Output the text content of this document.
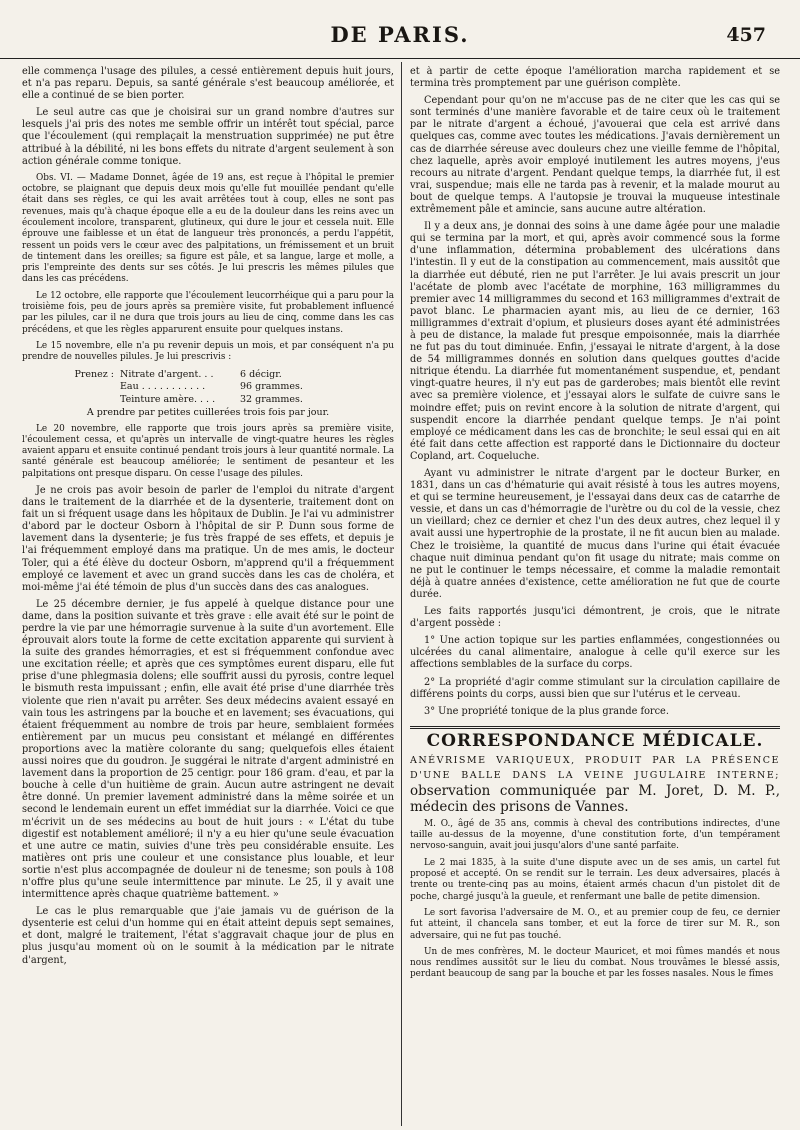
DE PARIS.	457

elle commença l'usage des pilules, a cessé entièrement depuis huit jours, et n'a pas reparu. Depuis, sa santé générale s'est beaucoup améliorée, et elle a continué de se bien porter.

Le seul autre cas que je choisirai sur un grand nombre d'autres sur lesquels j'ai pris des notes me semble offrir un intérêt tout spécial, parce que l'écoulement (qui remplaçait la menstruation supprimée) ne put être attribué à la débilité, ni les bons effets du nitrate d'argent seulement à son action générale comme tonique.

Obs. VI. — Madame Donnet, âgée de 19 ans, est reçue à l'hôpital le premier octobre, se plaignant que depuis deux mois qu'elle fut mouillée pendant qu'elle était dans ses règles, ce qui les avait arrêtées tout à coup, elles ne sont pas revenues, mais qu'à chaque époque elle a eu de la douleur dans les reins avec un écoulement incolore, transparent, glutineux, qui dure le jour et cessela nuit. Elle éprouve une faiblesse et un état de langueur très prononcés, a perdu l'appétit, ressent un poids vers le cœur avec des palpitations, un frémissement et un bruit de tintement dans les oreilles; sa figure est pâle, et sa langue, large et molle, a pris l'empreinte des dents sur ses côtés. Je lui prescris les mêmes pilules que dans les cas précédens.

Le 12 octobre, elle rapporte que l'écoulement leucorrhéique qui a paru pour la troisième fois, peu de jours après sa première visite, fut probablement influencé par les pilules, car il ne dura que trois jours au lieu de cinq, comme dans les cas précédens, et que les règles apparurent ensuite pour quelques instans.

Le 15 novembre, elle n'a pu revenir depuis un mois, et par conséquent n'a pu prendre de nouvelles pilules. Je lui prescrivis :

Prenez : Nitrate d'argent. . .	6 décigr.
Eau . . . . . . . . . . .	96 grammes.
Teinture amère. . . .	32 grammes.
A prendre par petites cuillerées trois fois par jour.

Le 20 novembre, elle rapporte que trois jours après sa première visite, l'écoulement cessa, et qu'après un intervalle de vingt-quatre heures les règles avaient apparu et ensuite continué pendant trois jours à leur quantité normale. La santé générale est beaucoup améliorée; le sentiment de pesanteur et les palpitations ont presque disparu. On cesse l'usage des pilules.

Je ne crois pas avoir besoin de parler de l'emploi du nitrate d'argent dans le traitement de la diarrhée et de la dysenterie, traitement dont on fait un si fréquent usage dans les hôpitaux de Dublin. Je l'ai vu administrer d'abord par le docteur Osborn à l'hôpital de sir P. Dunn sous forme de lavement dans la dysenterie; je fus très frappé de ses effets, et depuis je l'ai fréquemment employé dans ma pratique. Un de mes amis, le docteur Toler, qui a été élève du docteur Osborn, m'apprend qu'il a fréquemment employé ce lavement et avec un grand succès dans les cas de choléra, et moi-même j'ai été témoin de plus d'un succès dans des cas analogues.

Le 25 décembre dernier, je fus appelé à quelque distance pour une dame, dans la position suivante et très grave : elle avait été sur le point de perdre la vie par une hémorragie survenue à la suite d'un avortement. Elle éprouvait alors toute la forme de cette excitation apparente qui survient à la suite des grandes hémorragies, et est si fréquemment confondue avec une excitation réelle; et après que ces symptômes eurent disparu, elle fut prise d'une phlegmasia dolens; elle souffrit aussi du pyrosis, contre lequel le bismuth resta impuissant ; enfin, elle avait été prise d'une diarrhée très violente que rien n'avait pu arrêter. Ses deux médecins avaient essayé en vain tous les astringens par la bouche et en lavement; ses évacuations, qui étaient fréquemment au nombre de trois par heure, semblaient formées entièrement par un mucus peu consistant et mélangé en différentes proportions avec la matière colorante du sang; quelquefois elles étaient aussi noires que du goudron. Je suggérai le nitrate d'argent administré en lavement dans la proportion de 25 centigr. pour 186 gram. d'eau, et par la bouche à celle d'un huitième de grain. Aucun autre astringent ne devait être donné. Un premier lavement administré dans la même soirée et un second le lendemain eurent un effet immédiat sur la diarrhée. Voici ce que m'écrivit un de ses médecins au bout de huit jours : « L'état du tube digestif est notablement amélioré; il n'y a eu hier qu'une seule évacuation et une autre ce matin, suivies d'une très peu considérable ensuite. Les matières ont pris une couleur et une consistance plus louable, et leur sortie n'est plus accompagnée de douleur ni de tenesme; son pouls à 108 n'offre plus qu'une seule intermittence par minute. Le 25, il y avait une intermittence après chaque quatrième battement. »

Le cas le plus remarquable que j'aie jamais vu de guérison de la dysenterie est celui d'un homme qui en était atteint depuis sept semaines, et dont, malgré le traitement, l'état s'aggravait chaque jour de plus en plus jusqu'au moment où on le soumit à la médication par le nitrate d'argent,

et à partir de cette époque l'amélioration marcha rapidement et se termina très promptement par une guérison complète.

Cependant pour qu'on ne m'accuse pas de ne citer que les cas qui se sont terminés d'une manière favorable et de taire ceux où le traitement par le nitrate d'argent a échoué, j'avouerai que cela est arrivé dans quelques cas, comme avec toutes les médications. J'avais dernièrement un cas de diarrhée séreuse avec douleurs chez une vieille femme de l'hôpital, chez laquelle, après avoir employé inutilement les autres moyens, j'eus recours au nitrate d'argent. Pendant quelque temps, la diarrhée fut, il est vrai, suspendue; mais elle ne tarda pas à revenir, et la malade mourut au bout de quelque temps. A l'autopsie je trouvai la muqueuse intestinale extrêmement pâle et amincie, sans aucune autre altération.

Il y a deux ans, je donnai des soins à une dame âgée pour une maladie qui se termina par la mort, et qui, après avoir commencé sous la forme d'une inflammation, détermina probablement des ulcérations dans l'intestin. Il y eut de la constipation au commencement, mais aussitôt que la diarrhée eut débuté, rien ne put l'arrêter. Je lui avais prescrit un jour l'acétate de plomb avec l'acétate de morphine, 163 milligrammes du premier avec 14 milligrammes du second et 163 milligrammes d'extrait de pavot blanc. Le pharmacien ayant mis, au lieu de ce dernier, 163 milligrammes d'extrait d'opium, et plusieurs doses ayant été administrées à peu de distance, la malade fut presque empoisonnée, mais la diarrhée ne fut pas du tout diminuée. Enfin, j'essayai le nitrate d'argent, à la dose de 54 milligrammes donnés en solution dans quelques gouttes d'acide nitrique étendu. La diarrhée fut momentanément suspendue, et, pendant vingt-quatre heures, il n'y eut pas de garderobes; mais bientôt elle revint avec sa première violence, et j'essayai alors le sulfate de cuivre sans le moindre effet; puis on revint encore à la solution de nitrate d'argent, qui suspendit encore la diarrhée pendant quelque temps. Je n'ai point employé ce médicament dans les cas de bronchite; le seul essai qui en ait été fait dans cette affection est rapporté dans le Dictionnaire du docteur Copland, art. Coqueluche.

Ayant vu administrer le nitrate d'argent par le docteur Burker, en 1831, dans un cas d'hématurie qui avait résisté à tous les autres moyens, et qui se termine heureusement, je l'essayai dans deux cas de catarrhe de vessie, et dans un cas d'hémorragie de l'urètre ou du col de la vessie, chez un vieillard; chez ce dernier et chez l'un des deux autres, chez lequel il y avait aussi une hypertrophie de la prostate, il ne fit aucun bien au malade. Chez le troisième, la quantité de mucus dans l'urine qui était évacuée chaque nuit diminua pendant qu'on fit usage du nitrate; mais comme on ne put le continuer le temps nécessaire, et comme la maladie remontait déjà à quatre années d'existence, cette amélioration ne fut que de courte durée.

Les faits rapportés jusqu'ici démontrent, je crois, que le nitrate d'argent possède :

1° Une action topique sur les parties enflammées, congestionnées ou ulcérées du canal alimentaire, analogue à celle qu'il exerce sur les affections semblables de la surface du corps.

2° La propriété d'agir comme stimulant sur la circulation capillaire de différens points du corps, aussi bien que sur l'utérus et le cerveau.

3° Une propriété tonique de la plus grande force.

CORRESPONDANCE MÉDICALE.
ANÉVRISME VARIQUEUX, PRODUIT PAR LA PRÉSENCE D'UNE BALLE DANS LA VEINE JUGULAIRE INTERNE; observation communiquée par M. Joret, D. M. P., médecin des prisons de Vannes.

M. O., âgé de 35 ans, commis à cheval des contributions indirectes, d'une taille au-dessus de la moyenne, d'une constitution forte, d'un tempérament nervoso-sanguin, avait joui jusqu'alors d'une santé parfaite.

Le 2 mai 1835, à la suite d'une dispute avec un de ses amis, un cartel fut proposé et accepté. On se rendit sur le terrain. Les deux adversaires, placés à trente ou trente-cinq pas au moins, étaient armés chacun d'un pistolet dit de poche, chargé jusqu'à la gueule, et renfermant une balle de petite dimension.

Le sort favorisa l'adversaire de M. O., et au premier coup de feu, ce dernier fut atteint, il chancela sans tomber, et eut la force de tirer sur M. R., son adversaire, qui ne fut pas touché.

Un de mes confrères, M. le docteur Mauricet, et moi fûmes mandés et nous nous rendîmes aussitôt sur le lieu du combat. Nous trouvâmes le blessé assis, perdant beaucoup de sang par la bouche et par les fosses nasales. Nous le fîmes
